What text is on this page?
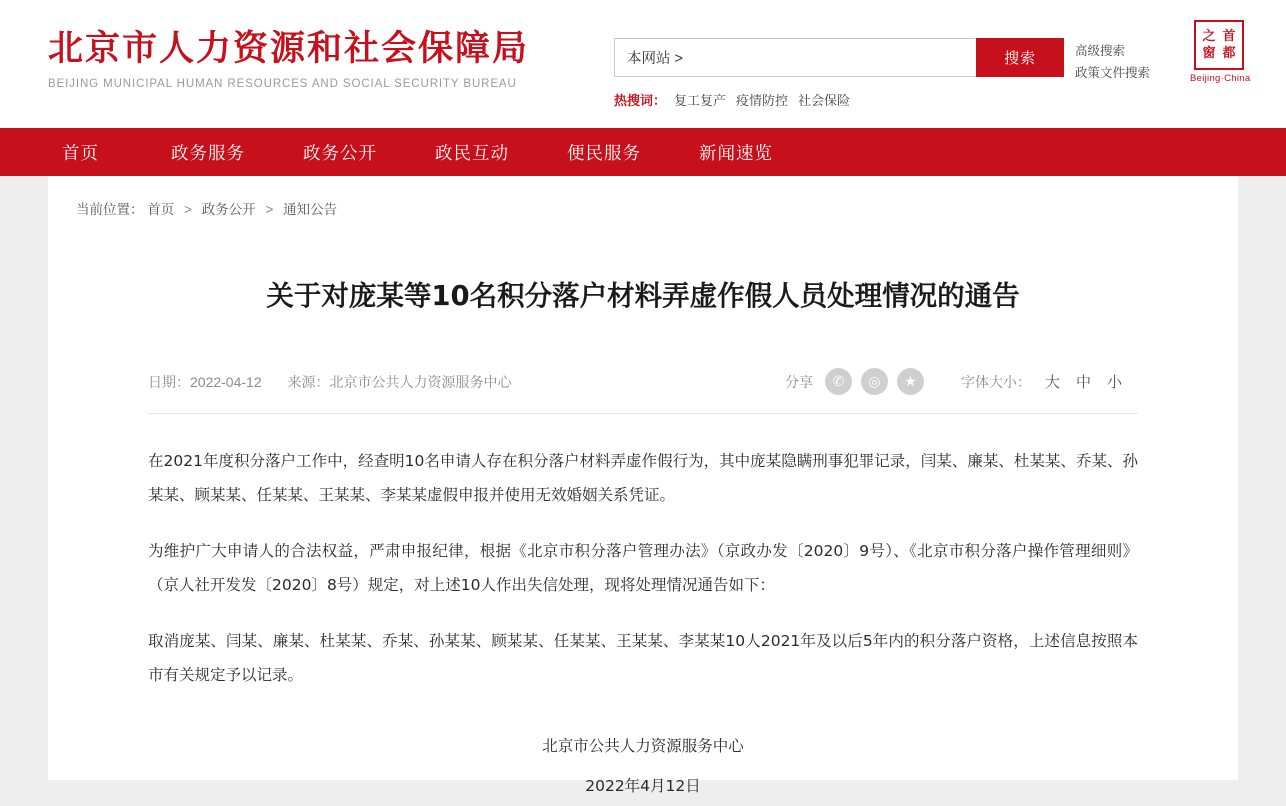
北京市人力资源和社会保障局
BEIJING MUNICIPAL HUMAN RESOURCES AND SOCIAL SECURITY BUREAU
本网站 >
搜索
热搜词： 复工复产 疫情防控 社会保险
高级搜索
政策文件搜索
之 首
窗 都
Beijing·China
首页	政务服务	政务公开	政民互动	便民服务	新闻速览
当前位置： 首页 > 政务公开 > 通知公告
关于对庞某等10名积分落户材料弄虚作假人员处理情况的通告
日期：2022-04-12 来源：北京市公共人力资源服务中心	分享	✆	◎	★	字体大小： 大 中 小

在2021年度积分落户工作中，经查明10名申请人存在积分落户材料弄虚作假行为，其中庞某隐瞒刑事犯罪记录，闫某、廉某、杜某某、乔某、孙某某、顾某某、任某某、王某某、李某某虚假申报并使用无效婚姻关系凭证。

为维护广大申请人的合法权益，严肃申报纪律，根据《北京市积分落户管理办法》（京政办发〔2020〕9号）、《北京市积分落户操作管理细则》（京人社开发发〔2020〕8号）规定，对上述10人作出失信处理，现将处理情况通告如下：

取消庞某、闫某、廉某、杜某某、乔某、孙某某、顾某某、任某某、王某某、李某某10人2021年及以后5年内的积分落户资格，上述信息按照本市有关规定予以记录。

北京市公共人力资源服务中心
2022年4月12日
